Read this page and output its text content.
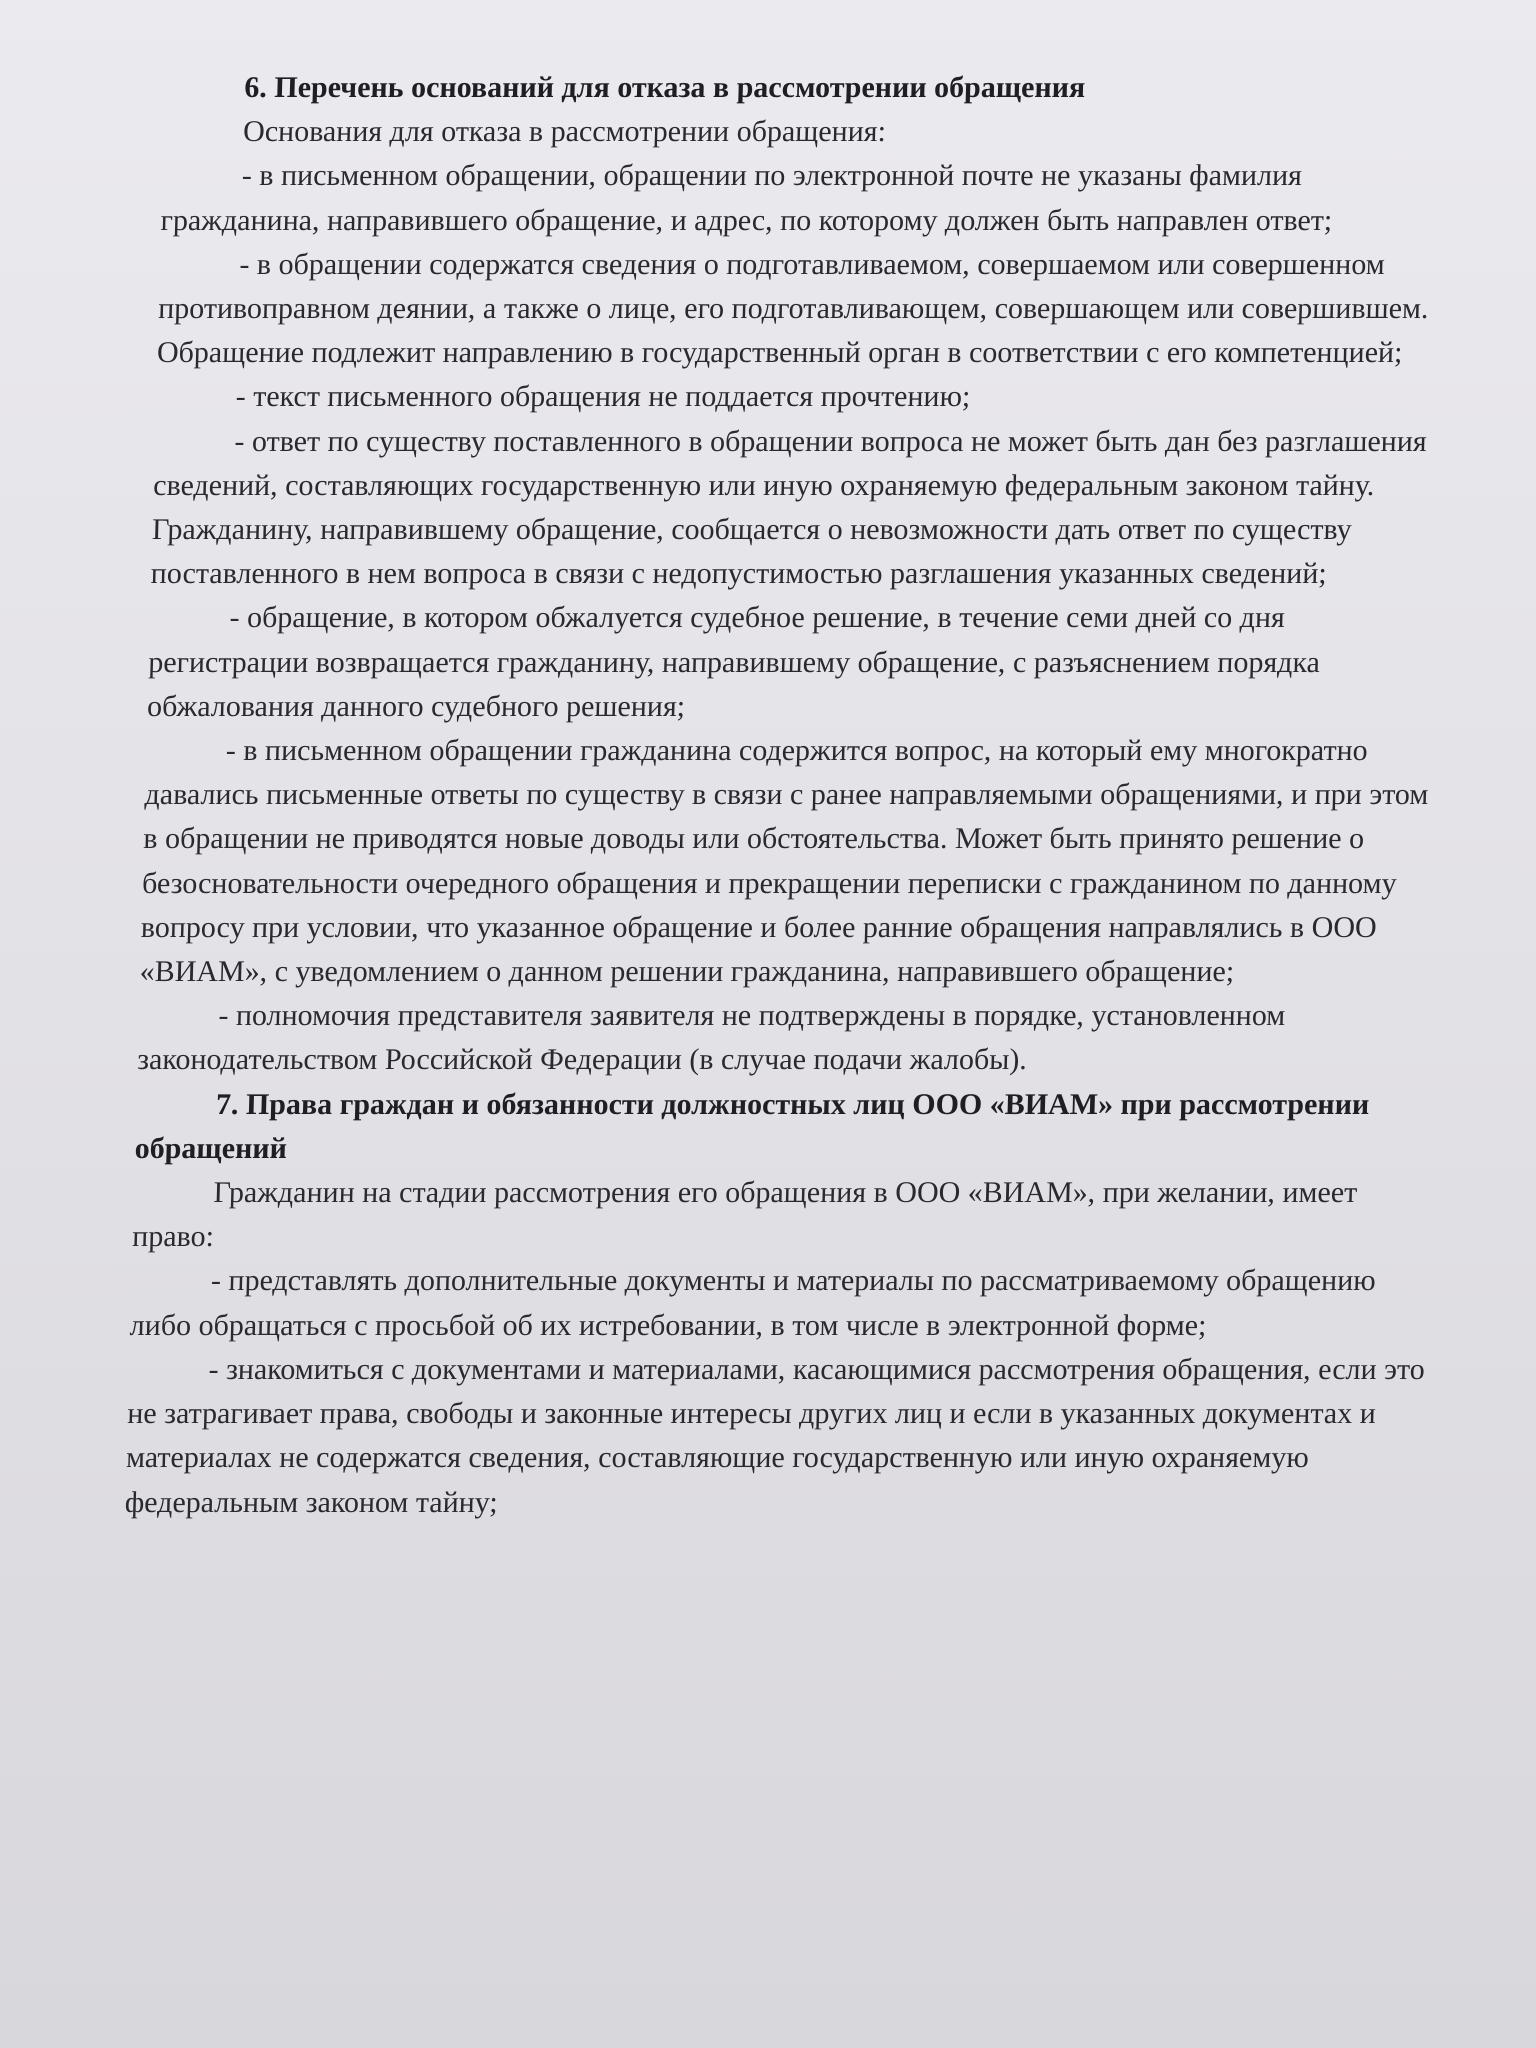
6. Перечень оснований для отказа в рассмотрении обращения

Основания для отказа в рассмотрении обращения:

- в письменном обращении, обращении по электронной почте не указаны фамилия гражданина, направившего обращение, и адрес, по которому должен быть направлен ответ;

- в обращении содержатся сведения о подготавливаемом, совершаемом или совершенном противоправном деянии, а также о лице, его подготавливающем, совершающем или совершившем. Обращение подлежит направлению в государственный орган в соответствии с его компетенцией;

- текст письменного обращения не поддается прочтению;

- ответ по существу поставленного в обращении вопроса не может быть дан без разглашения сведений, составляющих государственную или иную охраняемую федеральным законом тайну. Гражданину, направившему обращение, сообщается о невозможности дать ответ по существу поставленного в нем вопроса в связи с недопустимостью разглашения указанных сведений;

- обращение, в котором обжалуется судебное решение, в течение семи дней со дня регистрации возвращается гражданину, направившему обращение, с разъяснением порядка обжалования данного судебного решения;

- в письменном обращении гражданина содержится вопрос, на который ему многократно давались письменные ответы по существу в связи с ранее направляемыми обращениями, и при этом в обращении не приводятся новые доводы или обстоятельства. Может быть принято решение о безосновательности очередного обращения и прекращении переписки с гражданином по данному вопросу при условии, что указанное обращение и более ранние обращения направлялись в ООО «ВИАМ», с уведомлением о данном решении гражданина, направившего обращение;

- полномочия представителя заявителя не подтверждены в порядке, установленном законодательством Российской Федерации (в случае подачи жалобы).

7. Права граждан и обязанности должностных лиц ООО «ВИАМ» при рассмотрении обращений

Гражданин на стадии рассмотрения его обращения в ООО «ВИАМ», при желании, имеет право:

- представлять дополнительные документы и материалы по рассматриваемому обращению либо обращаться с просьбой об их истребовании, в том числе в электронной форме;

- знакомиться с документами и материалами, касающимися рассмотрения обращения, если это не затрагивает права, свободы и законные интересы других лиц и если в указанных документах и материалах не содержатся сведения, составляющие государственную или иную охраняемую федеральным законом тайну;
